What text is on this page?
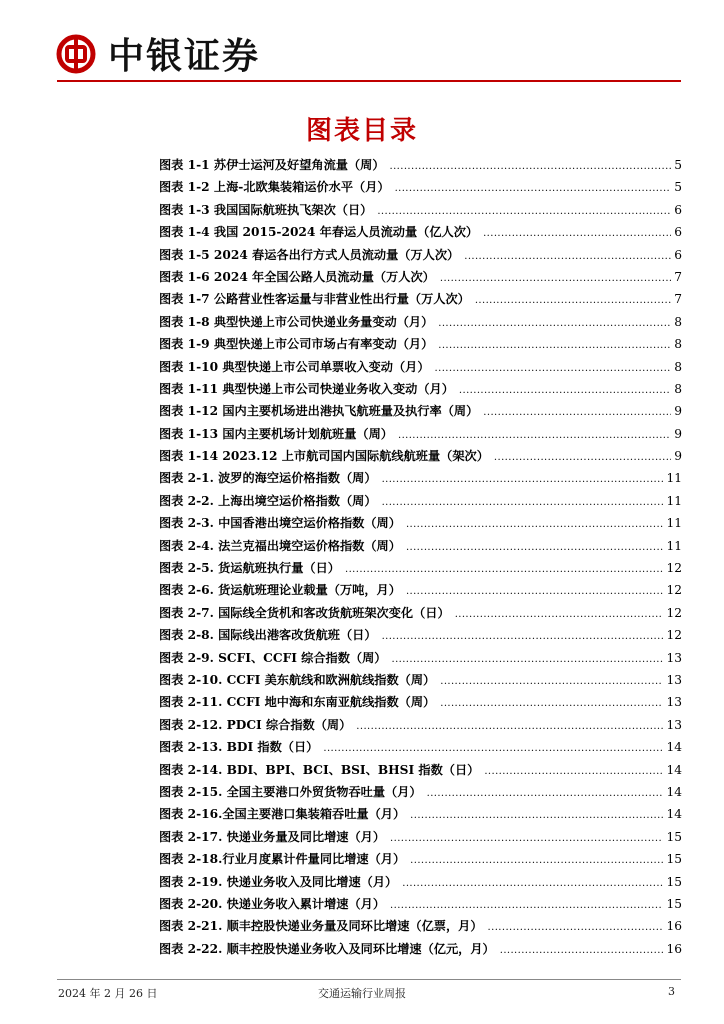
中银证券
图表目录
图表 1-1 苏伊士运河及好望角流量（周） .....	5
图表 1-2 上海-北欧集装箱运价水平（月） .....	5
图表 1-3 我国国际航班执飞架次（日） .....	6
图表 1-4 我国 2015-2024 年春运人员流动量（亿人次） .....	6
图表 1-5 2024 春运各出行方式人员流动量（万人次） .....	6
图表 1-6 2024 年全国公路人员流动量（万人次） .....	7
图表 1-7 公路营业性客运量与非营业性出行量（万人次） .....	7
图表 1-8 典型快递上市公司快递业务量变动（月） .....	8
图表 1-9 典型快递上市公司市场占有率变动（月） .....	8
图表 1-10 典型快递上市公司单票收入变动（月） .....	8
图表 1-11 典型快递上市公司快递业务收入变动（月） .....	8
图表 1-12 国内主要机场进出港执飞航班量及执行率（周） .....	9
图表 1-13 国内主要机场计划航班量（周） .....	9
图表 1-14 2023.12 上市航司国内国际航线航班量（架次） .....	9
图表 2-1. 波罗的海空运价格指数（周） .....	11
图表 2-2. 上海出境空运价格指数（周） .....	11
图表 2-3. 中国香港出境空运价格指数（周） .....	11
图表 2-4. 法兰克福出境空运价格指数（周） .....	11
图表 2-5. 货运航班执行量（日） .....	12
图表 2-6. 货运航班理论业载量（万吨，月） .....	12
图表 2-7. 国际线全货机和客改货航班架次变化（日） .....	12
图表 2-8. 国际线出港客改货航班（日） .....	12
图表 2-9. SCFI、CCFI 综合指数（周） .....	13
图表 2-10. CCFI 美东航线和欧洲航线指数（周） .....	13
图表 2-11. CCFI 地中海和东南亚航线指数（周） .....	13
图表 2-12. PDCI 综合指数（周） .....	13
图表 2-13. BDI 指数（日） .....	14
图表 2-14. BDI、BPI、BCI、BSI、BHSI 指数（日） .....	14
图表 2-15. 全国主要港口外贸货物吞吐量（月） .....	14
图表 2-16.全国主要港口集装箱吞吐量（月） .....	14
图表 2-17. 快递业务量及同比增速（月） .....	15
图表 2-18.行业月度累计件量同比增速（月） .....	15
图表 2-19. 快递业务收入及同比增速（月） .....	15
图表 2-20. 快递业务收入累计增速（月） .....	15
图表 2-21. 顺丰控股快递业务量及同环比增速（亿票，月） .....	16
图表 2-22. 顺丰控股快递业务收入及同环比增速（亿元，月） .....	16
2024 年 2 月 26 日	交通运输行业周报	3
